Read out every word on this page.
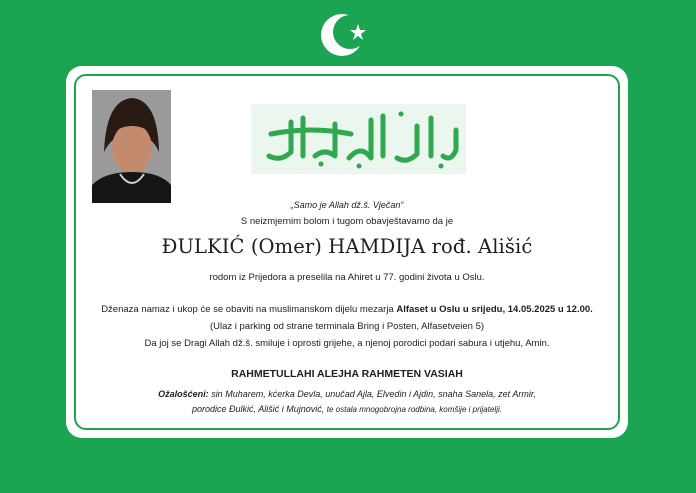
„Samo je Allah dž.š. Vječan“
S neizmjernim bolom i tugom obavještavamo da je
ĐULKIĆ (Omer) HAMDIJA rođ. Ališić
rodom iz Prijedora a preselila na Ahiret u 77. godini života u Oslu.
Dženaza namaz i ukop će se obaviti na muslimanskom dijelu mezarja Alfaset u Oslu u srijedu, 14.05.2025 u 12.00.
(Ulaz i parking od strane terminala Bring i Posten, Alfasetveien 5)
Da joj se Dragi Allah dž.š. smiluje i oprosti grijehe, a njenoj porodici podari sabura i utjehu, Amin.
RAHMETULLAHI ALEJHA RAHMETEN VASIAH
Ožalošćeni: sin Muharem, kćerka Devla, unučad Ajla, Elvedin i Ajdin, snaha Sanela, zet Armir,
porodice Đulkić, Ališić i Mujnović, te ostala mnogobrojna rodbina, komšije i prijatelji.
